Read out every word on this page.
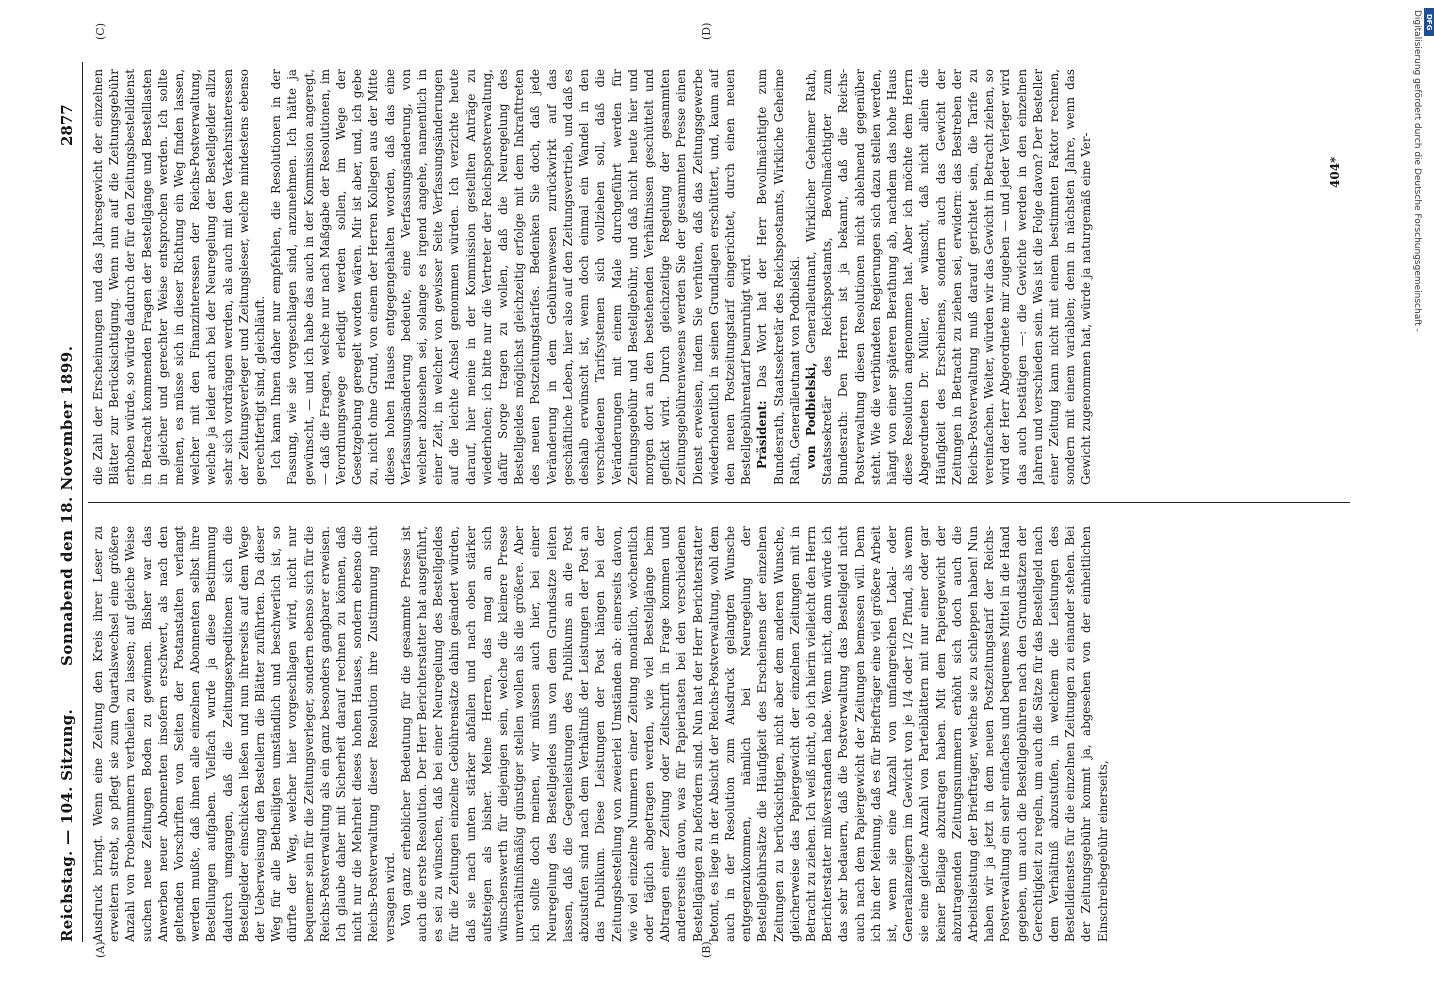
Reichstag. — 104. Sitzung.
Sonnabend den 18. November 1899.
2877
(A)	(B)
(C)	(D)

Ausdruck bringt. Wenn eine Zeitung den Kreis ihrer Leser zu erweitern strebt, so pflegt sie zum Quartalswechsel eine größere Anzahl von Probenummern vertheilen zu lassen; auf gleiche Weise suchen neue Zeitungen Boden zu gewinnen. Bisher war das Anwerben neuer Abonnenten insofern erschwert, als nach den geltenden Vorschriften von Seiten der Postanstalten verlangt werden mußte, daß ihnen alle einzelnen Abonnenten selbst ihre Bestellungen aufgaben. Vielfach wurde ja diese Bestimmung dadurch umgangen, daß die Zeitungsexpeditionen sich die Bestellgelder einschicken ließen und nun ihrerseits auf dem Wege der Ueberweisung den Bestellern die Blätter zuführten. Da dieser Weg für alle Betheiligten umständlich und beschwerlich ist, so dürfte der Weg, welcher hier vorgeschlagen wird, nicht nur bequemer sein für die Zeitungsverleger, sondern ebenso sich für die Reichs-Postverwaltung als ein ganz besonders gangbarer erweisen. Ich glaube daher mit Sicherheit darauf rechnen zu können, daß nicht nur die Mehrheit dieses hohen Hauses, sondern ebenso die Reichs-Postverwaltung dieser Resolution ihre Zustimmung nicht versagen wird. Von ganz erheblicher Bedeutung für die gesammte Presse ist auch die erste Resolution. Der Herr Berichterstatter hat ausgeführt, es sei zu wünschen, daß bei einer Neuregelung des Bestellgeldes für die Zeitungen einzelne Gebührensätze dahin geändert würden, daß sie nach unten stärker abfallen und nach oben stärker aufsteigen als bisher. Meine Herren, das mag an sich wünschenswerth für diejenigen sein, welche die kleinere Presse unverhältnißmäßig günstiger stellen wollen als die größere. Aber ich sollte doch meinen, wir müssen auch hier, bei einer Neuregelung des Bestellgeldes uns von dem Grundsatze leiten lassen, daß die Gegenleistungen des Publikums an die Post abzustufen sind nach dem Verhältniß der Leistungen der Post an das Publikum. Diese Leistungen der Post hängen bei der Zeitungsbestellung von zweierlei Umständen ab: einerseits davon, wie viel einzelne Nummern einer Zeitung monatlich, wöchentlich oder täglich abgetragen werden, wie viel Bestellgänge beim Abtragen einer Zeitung oder Zeitschrift in Frage kommen und andererseits davon, was für Papierlasten bei den verschiedenen Bestellgängen zu befördern sind. Nun hat der Herr Berichterstatter betont, es liege in der Absicht der Reichs-Postverwaltung, wohl dem auch in der Resolution zum Ausdruck gelangten Wunsche entgegenzukommen, nämlich bei Neuregelung der Bestellgebührsätze die Häufigkeit des Erscheinens der einzelnen Zeitungen zu berücksichtigen, nicht aber dem anderen Wunsche, gleicherweise das Papiergewicht der einzelnen Zeitungen mit in Betracht zu ziehen. Ich weiß nicht, ob ich hierin vielleicht den Herrn Berichterstatter mißverstanden habe. Wenn nicht, dann würde ich das sehr bedauern, daß die Postverwaltung das Bestellgeld nicht auch nach dem Papiergewicht der Zeitungen bemessen will. Denn ich bin der Meinung, daß es für Briefträger eine viel größere Arbeit ist, wenn sie eine Anzahl von umfangreichen Lokal- oder Generalanzeigern im Gewicht von je 1/4 oder 1/2 Pfund, als wenn sie eine gleiche Anzahl von Parteiblättern mit nur einer oder gar keiner Beilage abzutragen haben. Mit dem Papiergewicht der abzutragenden Zeitungsnummern erhöht sich doch auch die Arbeitsleistung der Briefträger, welche sie zu schleppen haben! Nun haben wir ja jetzt in dem neuen Postzeitungstarif der Reichs-Postverwaltung ein sehr einfaches und bequemes Mittel in die Hand gegeben, um auch die Bestellgebühren nach den Grundsätzen der Gerechtigkeit zu regeln, um auch die Sätze für das Bestellgeld nach dem Verhältniß abzustufen, in welchem die Leistungen des Bestelldienstes für die einzelnen Zeitungen zu einander stehen. Bei der Zeitungsgebühr kommt ja, abgesehen von der einheitlichen Einschreibegebühr einerseits,

die Zahl der Erscheinungen und das Jahresgewicht der einzelnen Blätter zur Berücksichtigung. Wenn nun auf die Zeitungsgebühr erhoben würde, so würde dadurch der für den Zeitungsbestelldienst in Betracht kommenden Fragen der Bestellgänge und Bestelllasten in gleicher und gerechter Weise entsprochen werden. Ich sollte meinen, es müsse sich in dieser Richtung ein Weg finden lassen, welcher mit den Finanzinteressen der Reichs-Postverwaltung, welche ja leider auch bei der Neuregelung der Bestellgelder allzu sehr sich vordrängen werden, als auch mit den Verkehrsinteressen der Zeitungsverleger und Zeitungsleser, welche mindestens ebenso gerechtfertigt sind, gleichläuft. Ich kann Ihnen daher nur empfehlen, die Resolutionen in der Fassung, wie sie vorgeschlagen sind, anzunehmen. Ich hätte ja gewünscht, — und ich habe das auch in der Kommission angeregt, — daß die Fragen, welche nur nach Maßgabe der Resolutionen, im Verordnungswege erledigt werden sollen, im Wege der Gesetzgebung geregelt worden wären. Mir ist aber, und, ich gebe zu, nicht ohne Grund, von einem der Herren Kollegen aus der Mitte dieses hohen Hauses entgegengehalten worden, daß das eine Verfassungsänderung bedeute, eine Verfassungsänderung, von welcher abzusehen sei, solange es irgend angehe, namentlich in einer Zeit, in welcher von gewisser Seite Verfassungsänderungen auf die leichte Achsel genommen würden. Ich verzichte heute darauf, hier meine in der Kommission gestellten Anträge zu wiederholen; ich bitte nur die Vertreter der Reichspostverwaltung, dafür Sorge tragen zu wollen, daß die Neuregelung des Bestellgeldes möglichst gleichzeitig erfolge mit dem Inkrafttreten des neuen Postzeitungstarifes. Bedenken Sie doch, daß jede Veränderung in dem Gebührenwesen zurückwirkt auf das geschäftliche Leben, hier also auf den Zeitungsvertrieb, und daß es deshalb erwünscht ist, wenn doch einmal ein Wandel in den verschiedenen Tarifsystemen sich vollziehen soll, daß die Veränderungen mit einem Male durchgeführt werden für Zeitungsgebühr und Bestellgebühr, und daß nicht heute hier und morgen dort an den bestehenden Verhältnissen geschüttelt und geflickt wird. Durch gleichzeitige Regelung der gesammten Zeitungsgebührenwesens werden Sie der gesammten Presse einen Dienst erweisen, indem Sie verhüten, daß das Zeitungsgewerbe wiederholentlich in seinen Grundlagen erschüttert, und, kaum auf den neuen Postzeitungstarif eingerichtet, durch einen neuen Bestellgebührentarif beunruhigt wird. Präsident: Das Wort hat der Herr Bevollmächtigte zum Bundesrath, Staatssekretär des Reichspostamts, Wirkliche Geheime Rath, Generalleutnant von Podbielski. von Podbielski, Generalleutnant, Wirklicher Geheimer Rath, Staatssekretär des Reichspostamts, Bevollmächtigter zum Bundesrath: Den Herren ist ja bekannt, daß die Reichs-Postverwaltung diesen Resolutionen nicht ablehnend gegenüber steht. Wie die verbündeten Regierungen sich dazu stellen werden, hängt von einer späteren Berathung ab, nachdem das hohe Haus diese Resolution angenommen hat. Aber ich möchte dem Herrn Abgeordneten Dr. Müller, der wünscht, daß nicht allein die Häufigkeit des Erscheinens, sondern auch das Gewicht der Zeitungen in Betracht zu ziehen sei, erwidern: das Bestreben der Reichs-Postverwaltung muß darauf gerichtet sein, die Tarife zu vereinfachen. Weiter, würden wir das Gewicht in Betracht ziehen, so wird der Herr Abgeordnete mir zugeben — und jeder Verleger wird das auch bestätigen —: die Gewichte werden in den einzelnen Jahren und verschieden sein. Was ist die Folge davon? Der Besteller einer Zeitung kann nicht mit einem bestimmten Faktor rechnen, sondern mit einem variablen; denn in nächsten Jahre, wenn das Gewicht zugenommen hat, würde ja naturgemäß eine Ver-	404*	Digitalisierung gefördert durch die Deutsche Forschungsgemeinschaft - DFG
